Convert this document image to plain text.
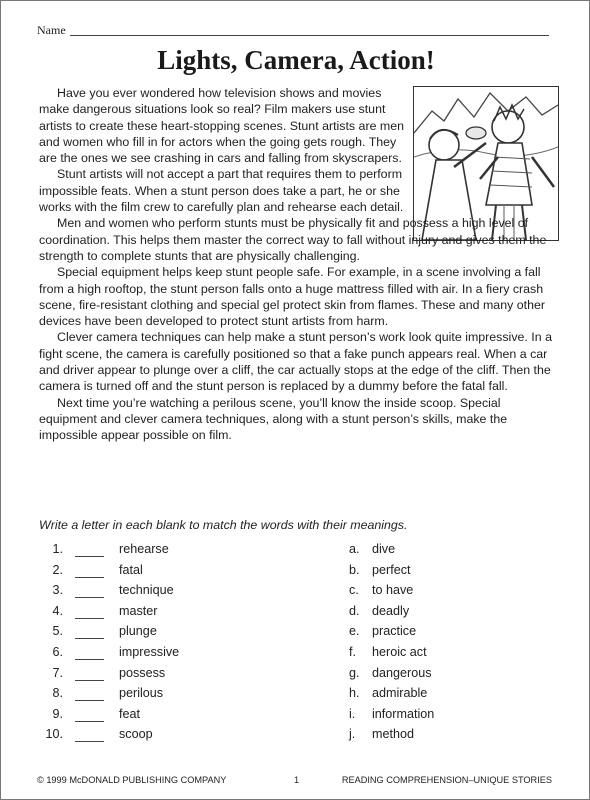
Name
Lights, Camera, Action!

Have you ever wondered how television shows and movies make dangerous situations look so real? Film makers use stunt artists to create these heart-stopping scenes. Stunt artists are men and women who fill in for actors when the going gets rough. They are the ones we see crashing in cars and falling from skyscrapers.

Stunt artists will not accept a part that requires them to perform impossible feats. When a stunt person does take a part, he or she works with the film crew to carefully plan and rehearse each detail.

Men and women who perform stunts must be physically fit and possess a high level of coordination. This helps them master the correct way to fall without injury and gives them the strength to complete stunts that are physically challenging.

Special equipment helps keep stunt people safe. For example, in a scene involving a fall from a high rooftop, the stunt person falls onto a huge mattress filled with air. In a fiery crash scene, fire-resistant clothing and special gel protect skin from flames. These and many other devices have been developed to protect stunt artists from harm.

Clever camera techniques can help make a stunt person’s work look quite impressive. In a fight scene, the camera is carefully positioned so that a fake punch appears real. When a car and driver appear to plunge over a cliff, the car actually stops at the edge of the cliff. Then the camera is turned off and the stunt person is replaced by a dummy before the fatal fall.

Next time you’re watching a perilous scene, you’ll know the inside scoop. Special equipment and clever camera techniques, along with a stunt person’s skills, make the impossible appear possible on film.

Write a letter in each blank to match the words with their meanings.
1.	rehearse	a. dive
2.	fatal	b. perfect
3.	technique	c.	to have
4.	master	d. deadly
5.	plunge	e. practice
6.	impressive	f.	heroic act
7.	possess	g. dangerous
8.	perilous	h. admirable
9.	feat	i.	information
10.	scoop	j.	method
© 1999 McDONALD PUBLISHING COMPANY	1	READING COMPREHENSION–UNIQUE STORIES
